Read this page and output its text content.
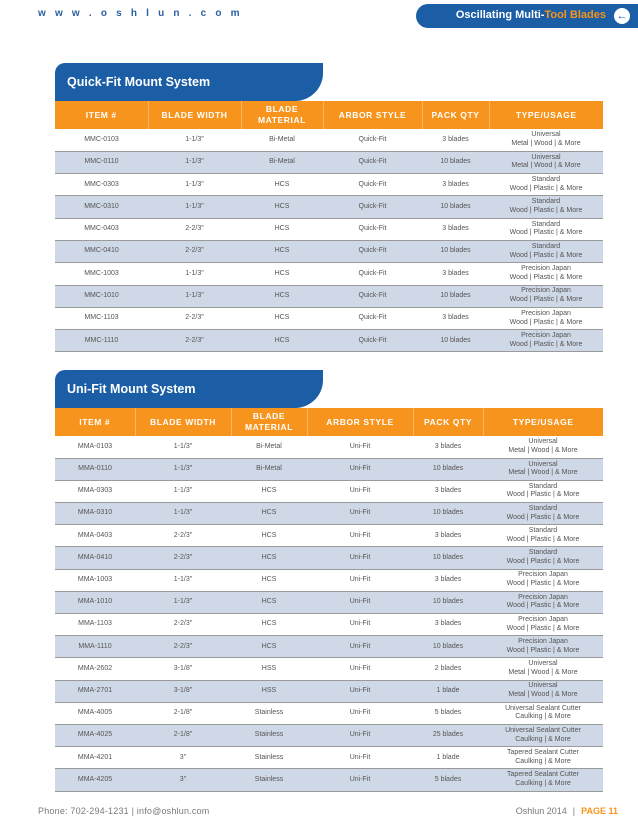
w w w . o s h l u n . c o m	Oscillating Multi-Tool Blades ←
Quick-Fit Mount System
ITEM #	BLADE WIDTH	BLADE
MATERIAL	ARBOR STYLE	PACK QTY	TYPE/USAGE
MMC-0103	1-1/3"	Bi-Metal	Quick-Fit	3 blades	Universal
Metal | Wood | & More
MMC-0110	1-1/3"	Bi-Metal	Quick-Fit	10 blades	Universal
Metal | Wood | & More
MMC-0303	1-1/3"	HCS	Quick-Fit	3 blades	Standard
Wood | Plastic | & More
MMC-0310	1-1/3"	HCS	Quick-Fit	10 blades	Standard
Wood | Plastic | & More
MMC-0403	2-2/3"	HCS	Quick-Fit	3 blades	Standard
Wood | Plastic | & More
MMC-0410	2-2/3"	HCS	Quick-Fit	10 blades	Standard
Wood | Plastic | & More
MMC-1003	1-1/3"	HCS	Quick-Fit	3 blades	Precision Japan
Wood | Plastic | & More
MMC-1010	1-1/3"	HCS	Quick-Fit	10 blades	Precision Japan
Wood | Plastic | & More
MMC-1103	2-2/3"	HCS	Quick-Fit	3 blades	Precision Japan
Wood | Plastic | & More
MMC-1110	2-2/3"	HCS	Quick-Fit	10 blades	Precision Japan
Wood | Plastic | & More
Uni-Fit Mount System
ITEM #	BLADE WIDTH	BLADE
MATERIAL	ARBOR STYLE	PACK QTY	TYPE/USAGE
MMA-0103	1-1/3"	Bi-Metal	Uni-Fit	3 blades	Universal
Metal | Wood | & More
MMA-0110	1-1/3"	Bi-Metal	Uni-Fit	10 blades	Universal
Metal | Wood | & More
MMA-0303	1-1/3"	HCS	Uni-Fit	3 blades	Standard
Wood | Plastic | & More
MMA-0310	1-1/3"	HCS	Uni-Fit	10 blades	Standard
Wood | Plastic | & More
MMA-0403	2-2/3"	HCS	Uni-Fit	3 blades	Standard
Wood | Plastic | & More
MMA-0410	2-2/3"	HCS	Uni-Fit	10 blades	Standard
Wood | Plastic | & More
MMA-1003	1-1/3"	HCS	Uni-Fit	3 blades	Precision Japan
Wood | Plastic | & More
MMA-1010	1-1/3"	HCS	Uni-Fit	10 blades	Precision Japan
Wood | Plastic | & More
MMA-1103	2-2/3"	HCS	Uni-Fit	3 blades	Precision Japan
Wood | Plastic | & More
MMA-1110	2-2/3"	HCS	Uni-Fit	10 blades	Precision Japan
Wood | Plastic | & More
MMA-2602	3-1/8"	HSS	Uni-Fit	2 blades	Universal
Metal | Wood | & More
MMA-2701	3-1/8"	HSS	Uni-Fit	1 blade	Universal
Metal | Wood | & More
MMA-4005	2-1/8"	Stainless	Uni-Fit	5 blades	Universal Sealant Cutter
Caulking | & More
MMA-4025	2-1/8"	Stainless	Uni-Fit	25 blades	Universal Sealant Cutter
Caulking | & More
MMA-4201	3"	Stainless	Uni-Fit	1 blade	Tapered Sealant Cutter
Caulking | & More
MMA-4205	3"	Stainless	Uni-Fit	5 blades	Tapered Sealant Cutter
Caulking | & More
Phone: 702-294-1231 | info@oshlun.com	Oshlun 2014 | PAGE 11
